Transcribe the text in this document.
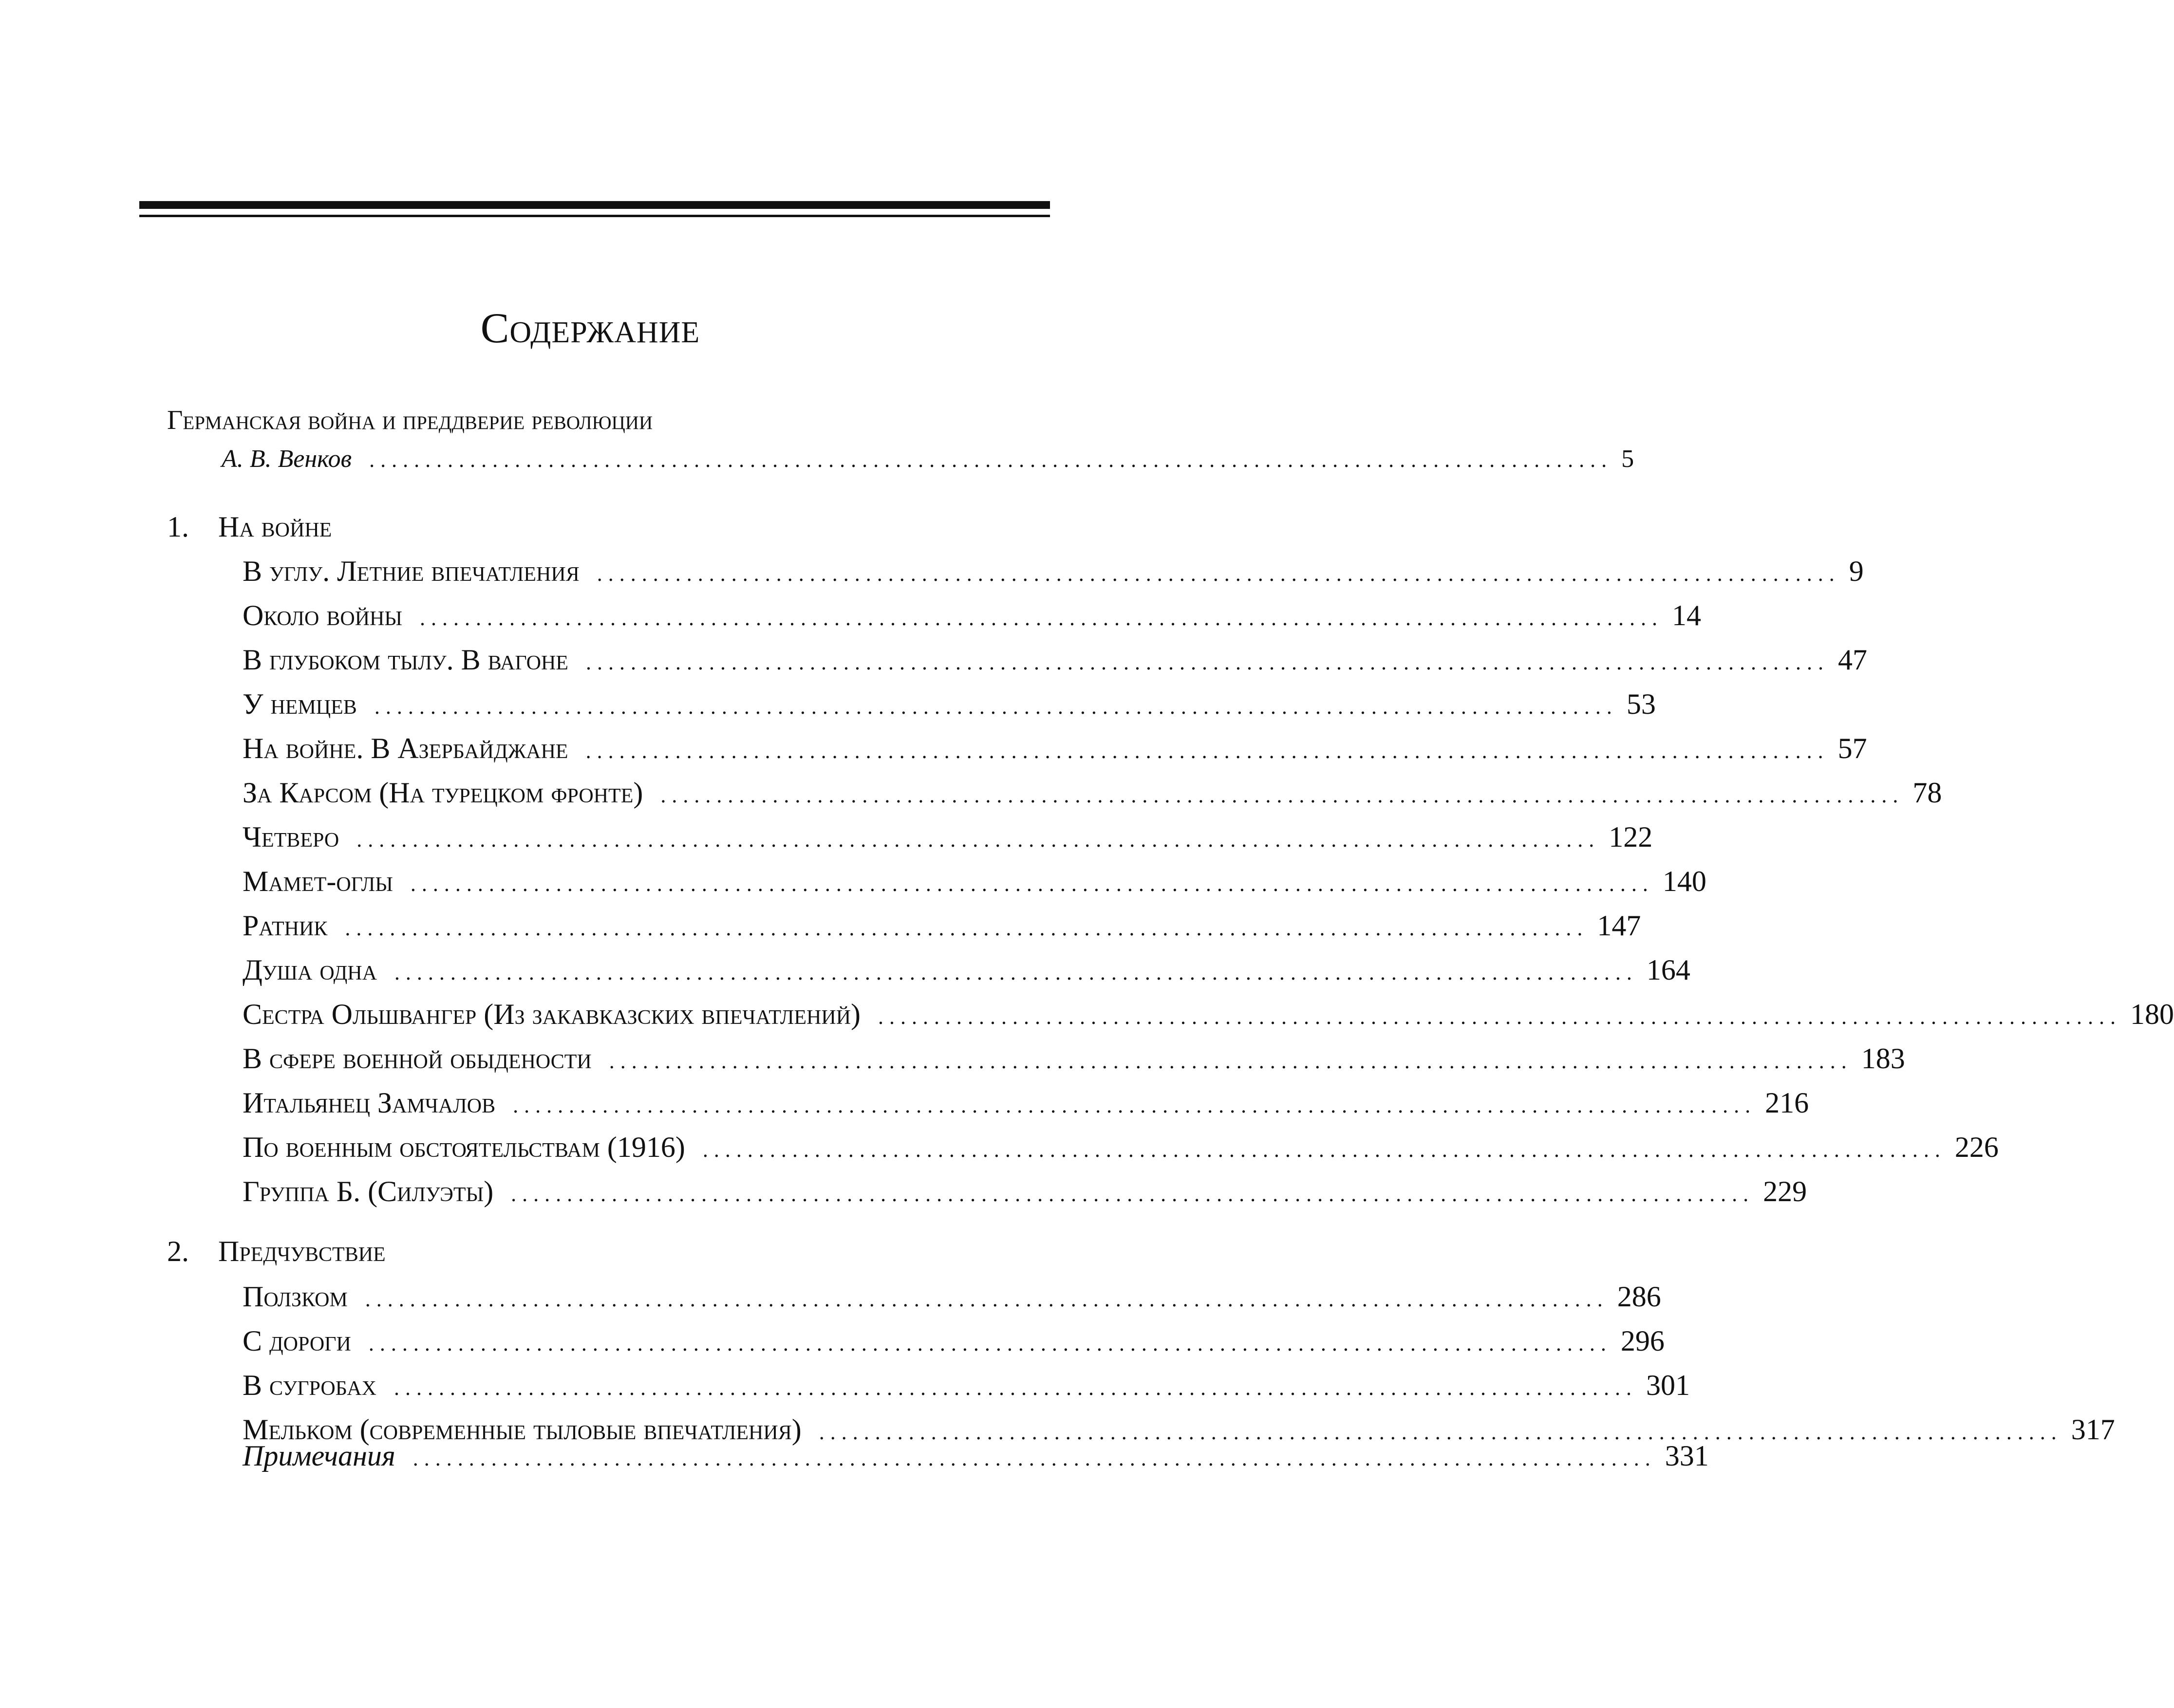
Содержание
Германская война и преддверие революции
А. В. Венков ............................................................................................................... 5
1.	На войне
В углу. Летние впечатления ............................................................................................................... 9
Около войны ............................................................................................................... 14
В глубоком тылу. В вагоне ............................................................................................................... 47
У немцев ............................................................................................................... 53
На войне. В Азербайджане ............................................................................................................... 57
За Карсом (На турецком фронте) ............................................................................................................... 78
Четверо ............................................................................................................... 122
Мамет-оглы ............................................................................................................... 140
Ратник ............................................................................................................... 147
Душа одна ............................................................................................................... 164
Сестра Ольшвангер (Из закавказских впечатлений) ............................................................................................................... 180
В сфере военной обыдености ............................................................................................................... 183
Итальянец Замчалов ............................................................................................................... 216
По военным обстоятельствам (1916) ............................................................................................................... 226
Группа Б. (Силуэты) ............................................................................................................... 229
2.	Предчувствие
Ползком ............................................................................................................... 286
С дороги ............................................................................................................... 296
В сугробах ............................................................................................................... 301
Мельком (современные тыловые впечатления) ............................................................................................................... 317
Примечания ............................................................................................................... 331
